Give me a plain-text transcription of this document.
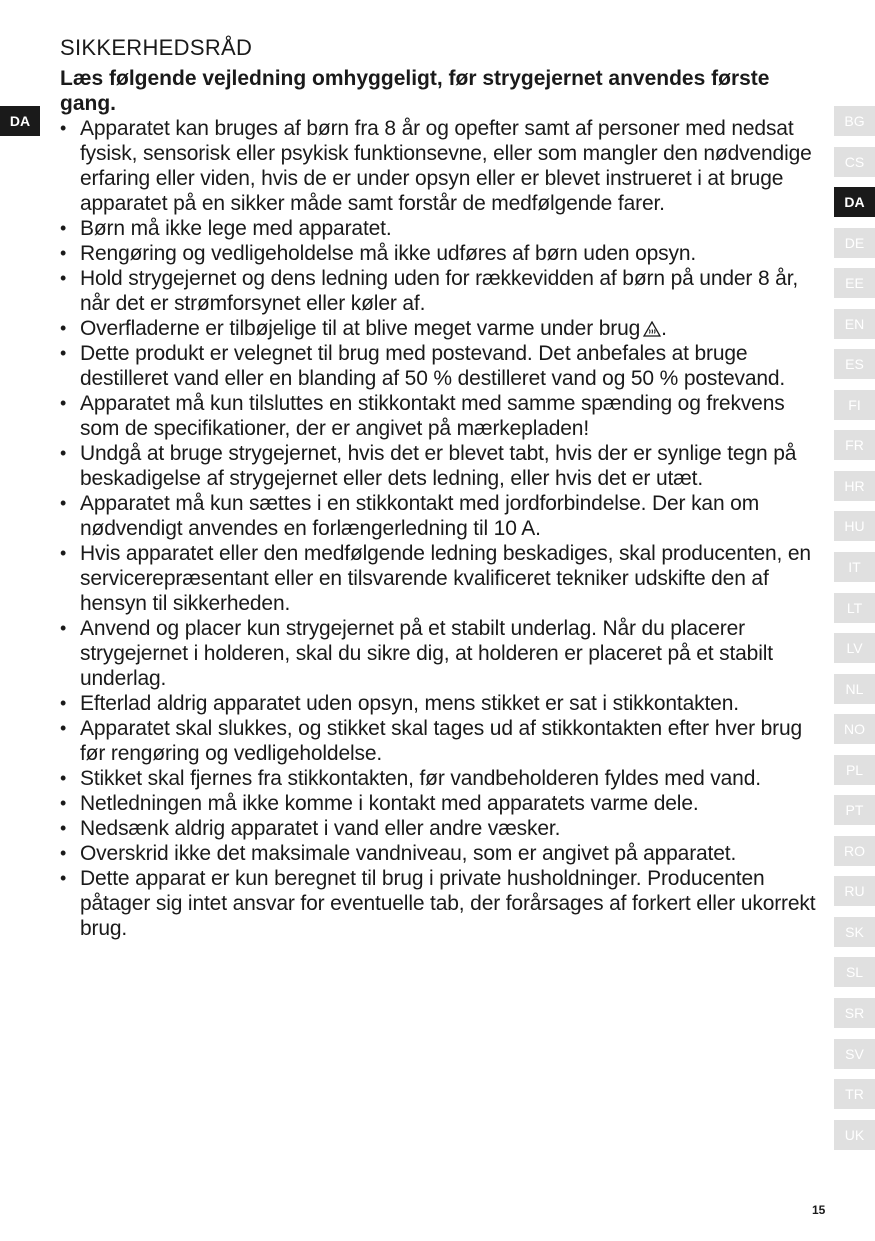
DA
SIKKERHEDSRÅD

Læs følgende vejledning omhyggeligt, før strygejernet anvendes første gang.

• Apparatet kan bruges af børn fra 8 år og opefter samt af personer med nedsat fysisk, sensorisk eller psykisk funktionsevne, eller som mangler den nødvendige erfaring eller viden, hvis de er under opsyn eller er blevet instrueret i at bruge apparatet på en sikker måde samt forstår de medfølgende farer.
• Børn må ikke lege med apparatet.
• Rengøring og vedligeholdelse må ikke udføres af børn uden opsyn.
• Hold strygejernet og dens ledning uden for rækkevidden af børn på under 8 år, når det er strømforsynet eller køler af.
• Overfladerne er tilbøjelige til at blive meget varme under brug .
• Dette produkt er velegnet til brug med postevand. Det anbefales at bruge destilleret vand eller en blanding af 50 % destilleret vand og 50 % postevand.
• Apparatet må kun tilsluttes en stikkontakt med samme spænding og frekvens som de specifikationer, der er angivet på mærkepladen!
• Undgå at bruge strygejernet, hvis det er blevet tabt, hvis der er synlige tegn på beskadigelse af strygejernet eller dets ledning, eller hvis det er utæt.
• Apparatet må kun sættes i en stikkontakt med jordforbindelse. Der kan om nødvendigt anvendes en forlængerledning til 10 A.
• Hvis apparatet eller den medfølgende ledning beskadiges, skal producenten, en servicerepræsentant eller en tilsvarende kvalificeret tekniker udskifte den af hensyn til sikkerheden.
• Anvend og placer kun strygejernet på et stabilt underlag. Når du placerer strygejernet i holderen, skal du sikre dig, at holderen er placeret på et stabilt underlag.
• Efterlad aldrig apparatet uden opsyn, mens stikket er sat i stikkontakten.
• Apparatet skal slukkes, og stikket skal tages ud af stikkontakten efter hver brug før rengøring og vedligeholdelse.
• Stikket skal fjernes fra stikkontakten, før vandbeholderen fyldes med vand.
• Netledningen må ikke komme i kontakt med apparatets varme dele.
• Nedsænk aldrig apparatet i vand eller andre væsker.
• Overskrid ikke det maksimale vandniveau, som er angivet på apparatet.
• Dette apparat er kun beregnet til brug i private husholdninger. Producenten påtager sig intet ansvar for eventuelle tab, der forårsages af forkert eller ukorrekt brug.
BG
CS
DA
DE
EE
EN
ES
FI
FR
HR
HU
IT
LT
LV
NL
NO
PL
PT
RO
RU
SK
SL
SR
SV
TR
UK
15
